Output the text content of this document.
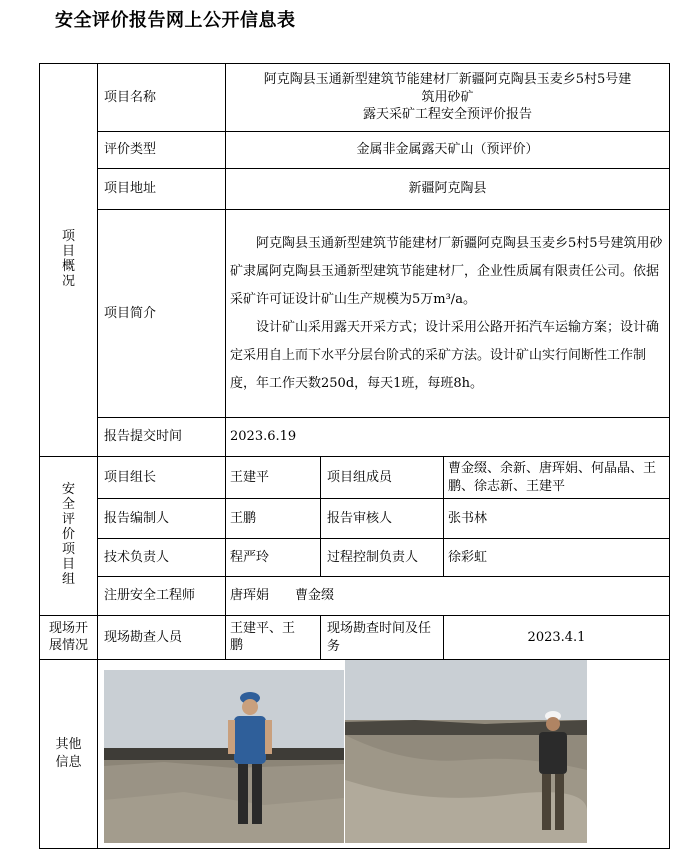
安全评价报告网上公开信息表
项目概况	项目名称	阿克陶县玉通新型建筑节能建材厂新疆阿克陶县玉麦乡5村5号建
筑用砂矿
露天采矿工程安全预评价报告		

	评价类型	金属非金属露天矿山（预评价）		
	项目地址	新疆阿克陶县		
	项目简介	阿克陶县玉通新型建筑节能建材厂新疆阿克陶县玉麦乡5村5号建筑用砂矿隶属阿克陶县玉通新型建筑节能建材厂，企业性质属有限责任公司。依据采矿许可证设计矿山生产规模为5万m³/a。

设计矿山采用露天开采方式；设计采用公路开拓汽车运输方案；设计确定采用自上而下水平分层台阶式的采矿方法。设计矿山实行间断性工作制度，年工作天数250d，每天1班，每班8h。		

	报告提交时间	2023.6.19		
安全评价项目组	项目组长	王建平	项目组成员	曹金缀、余新、唐珲娟、何晶晶、王鹏、徐志新、王建平
	报告编制人	王鹏	报告审核人	张书林
	技术负责人	程严玲	过程控制负责人	徐彩虹
	注册安全工程师	唐珲娟　　曹金缀		
现场开展情况	现场勘查人员	王建平、王鹏	现场勘查时间及任务	2023.4.1
其他信息	
